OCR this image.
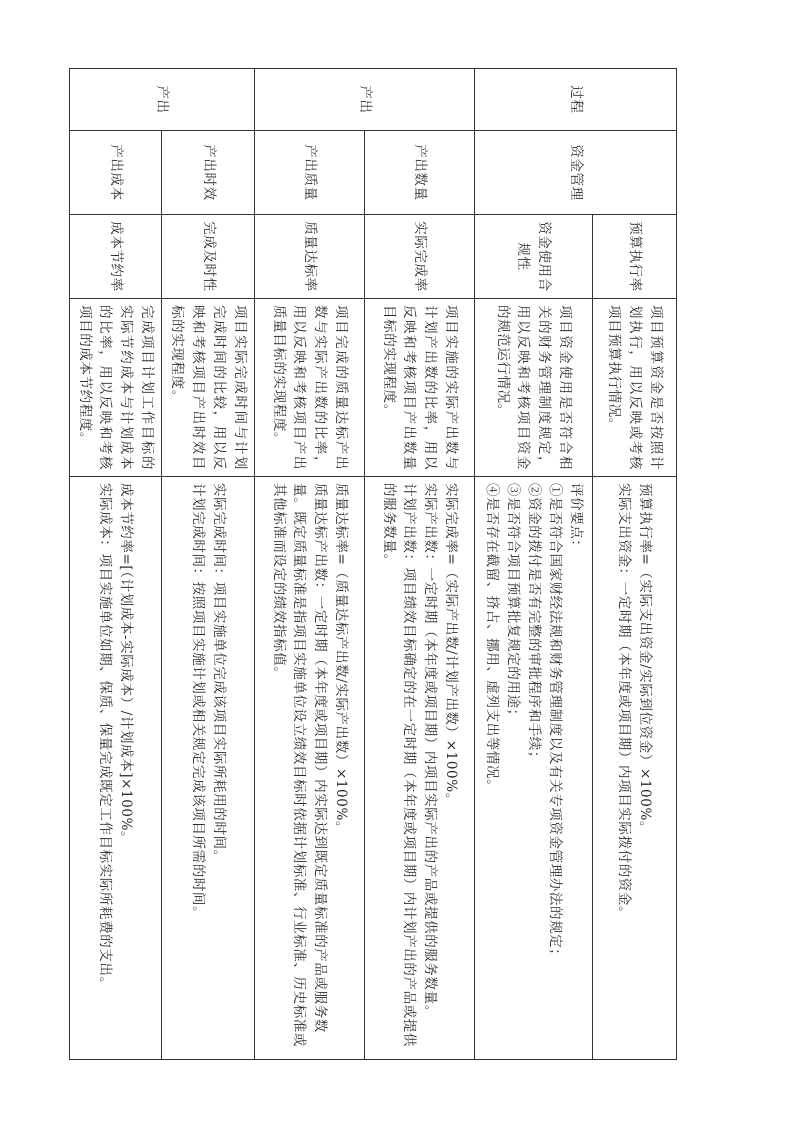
过程	资金管理	预算执行率	项目预算资金是否按照计划执行，用以反映或考核项目预算执行情况。	预算执行率=（实际支出资金/实际到位资金）×100%。
实际支出资金：一定时期（本年度或项目期）内项目实际拨付的资金。

		资金使用合规性	项目资金使用是否符合相关的财务管理制度规定，用以反映和考核项目资金的规范运行情况。	评价要点：
①是否符合国家财经法规和财务管理制度以及有关专项资金管理办法的规定；
②资金的拨付是否有完整的审批程序和手续；
③是否符合项目预算批复规定的用途；
④是否存在截留、挤占、挪用、虚列支出等情况。

产出	产出数量	实际完成率	项目实施的实际产出数与计划产出数的比率，用以反映和考核项目产出数量目标的实现程度。	实际完成率=（实际产出数/计划产出数）×100%。
实际产出数：一定时期（本年度或项目期）内项目实际产出的产品或提供的服务数量。
计划产出数：项目绩效目标确定的在一定时期（本年度或项目期）内计划产出的产品或提供的服务数量。

	产出质量	质量达标率	项目完成的质量达标产出数与实际产出数的比率，用以反映和考核项目产出质量目标的实现程度。	质量达标率=（质量达标产出数/实际产出数）×100%。
质量达标产出数：一定时期（本年度或项目期）内实际达到既定质量标准的产品或服务数量。既定质量标准是指项目实施单位设立绩效目标时依据计划标准、行业标准、历史标准或其他标准而设定的绩效指标值。

产出	产出时效	完成及时性	项目实际完成时间与计划完成时间的比较，用以反映和考核项目产出时效目标的实现程度。	实际完成时间：项目实施单位完成该项目实际所耗用的时间。
计划完成时间：按照项目实施计划或相关规定完成该项目所需的时间。

	产出成本	成本节约率	完成项目计划工作目标的实际节约成本与计划成本的比率，用以反映和考核项目的成本节约程度。	成本节约率=[（计划成本-实际成本）/计划成本]×100%。
实际成本：项目实施单位如期、保质、保量完成既定工作目标实际所耗费的支出。
